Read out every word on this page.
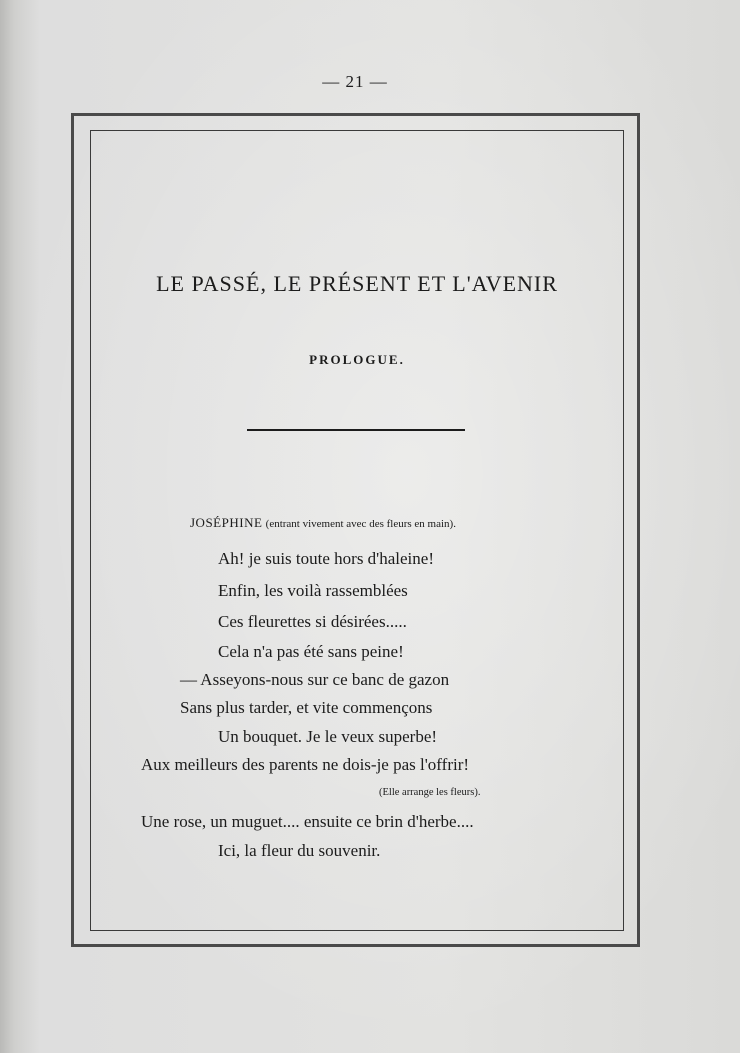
— 21 —
LE PASSÉ, LE PRÉSENT ET L'AVENIR
PROLOGUE.
JOSÉPHINE (entrant vivement avec des fleurs en main).
Ah! je suis toute hors d'haleine!
Enfin, les voilà rassemblées
Ces fleurettes si désirées.....
Cela n'a pas été sans peine!
— Asseyons-nous sur ce banc de gazon
Sans plus tarder, et vite commençons
Un bouquet. Je le veux superbe!
Aux meilleurs des parents ne dois-je pas l'offrir!
(Elle arrange les fleurs).
Une rose, un muguet.... ensuite ce brin d'herbe....
Ici, la fleur du souvenir.
